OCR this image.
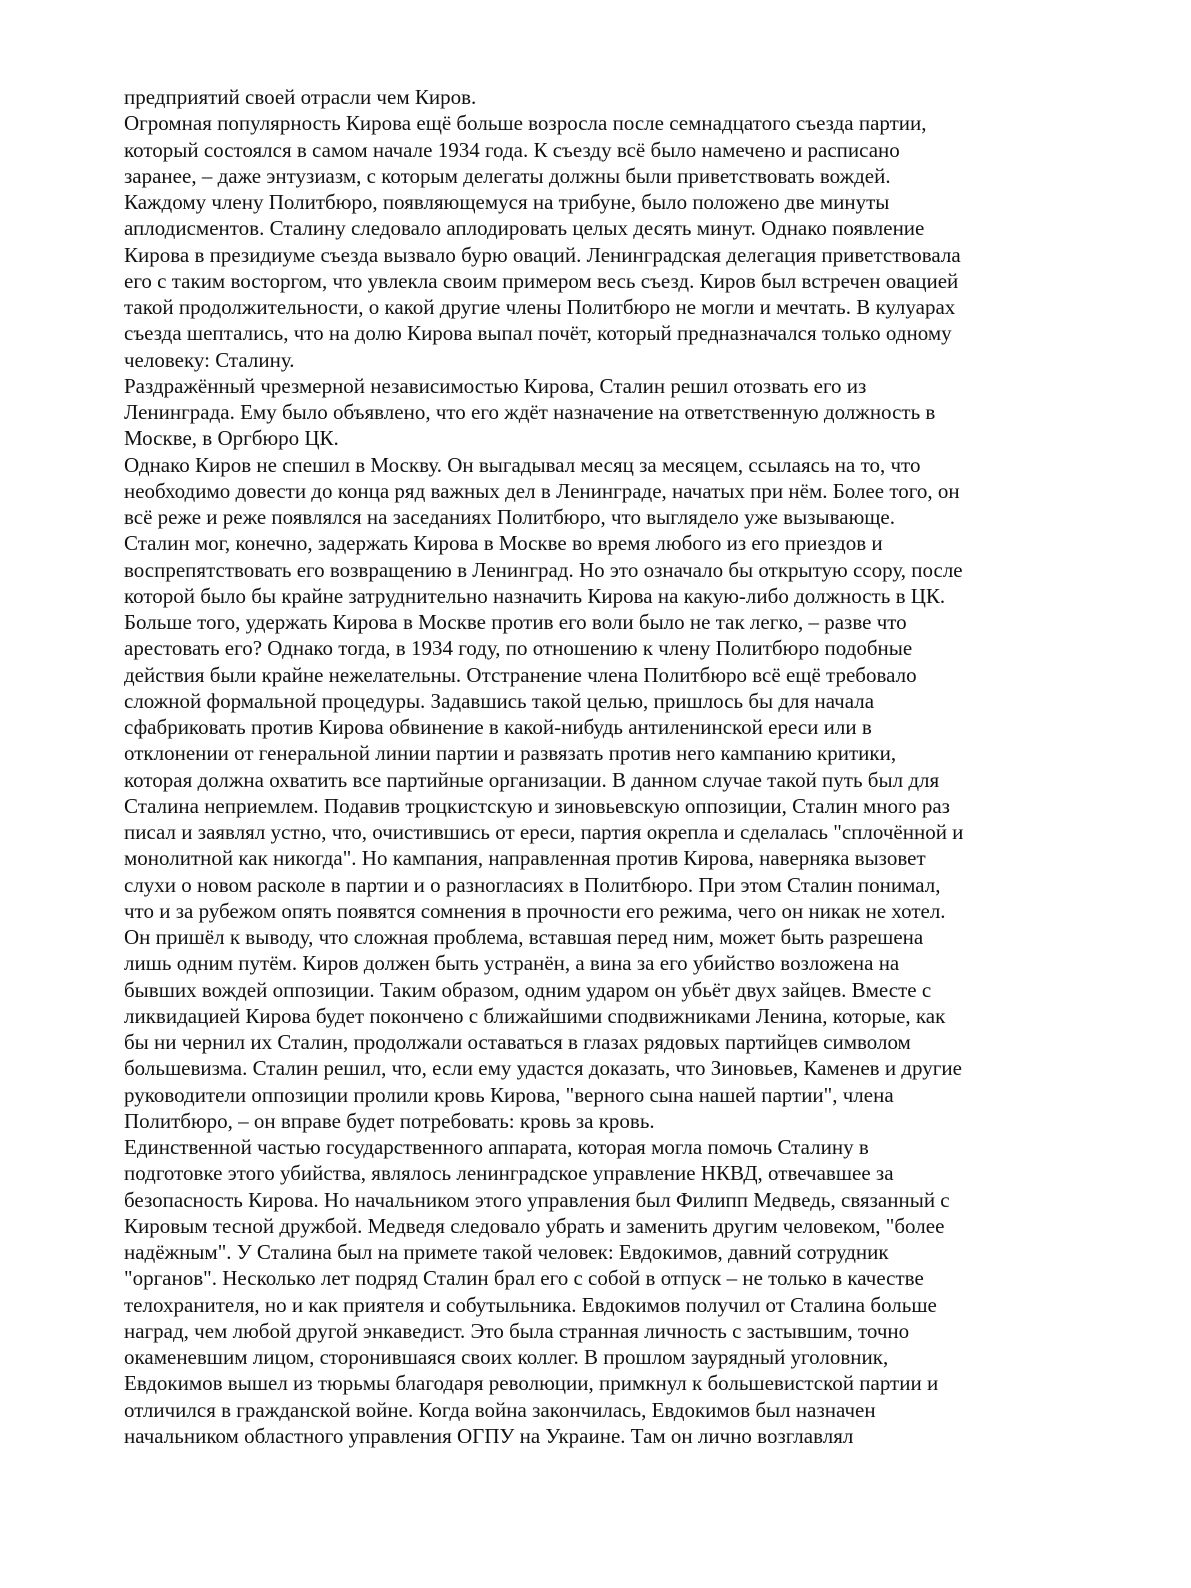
предприятий своей отрасли чем Киров.
Огромная популярность Кирова ещё больше возросла после семнадцатого съезда партии,
который состоялся в самом начале 1934 года. К съезду всё было намечено и расписано
заранее, – даже энтузиазм, с которым делегаты должны были приветствовать вождей.
Каждому члену Политбюро, появляющемуся на трибуне, было положено две минуты
аплодисментов. Сталину следовало аплодировать целых десять минут. Однако появление
Кирова в президиуме съезда вызвало бурю оваций. Ленинградская делегация приветствовала
его с таким восторгом, что увлекла своим примером весь съезд. Киров был встречен овацией
такой продолжительности, о какой другие члены Политбюро не могли и мечтать. В кулуарах
съезда шептались, что на долю Кирова выпал почёт, который предназначался только одному
человеку: Сталину.
Раздражённый чрезмерной независимостью Кирова, Сталин решил отозвать его из
Ленинграда. Ему было объявлено, что его ждёт назначение на ответственную должность в
Москве, в Оргбюро ЦК.
Однако Киров не спешил в Москву. Он выгадывал месяц за месяцем, ссылаясь на то, что
необходимо довести до конца ряд важных дел в Ленинграде, начатых при нём. Более того, он
всё реже и реже появлялся на заседаниях Политбюро, что выглядело уже вызывающе.
Сталин мог, конечно, задержать Кирова в Москве во время любого из его приездов и
воспрепятствовать его возвращению в Ленинград. Но это означало бы открытую ссору, после
которой было бы крайне затруднительно назначить Кирова на какую-либо должность в ЦК.
Больше того, удержать Кирова в Москве против его воли было не так легко, – разве что
арестовать его? Однако тогда, в 1934 году, по отношению к члену Политбюро подобные
действия были крайне нежелательны. Отстранение члена Политбюро всё ещё требовало
сложной формальной процедуры. Задавшись такой целью, пришлось бы для начала
сфабриковать против Кирова обвинение в какой-нибудь антиленинской ереси или в
отклонении от генеральной линии партии и развязать против него кампанию критики,
которая должна охватить все партийные организации. В данном случае такой путь был для
Сталина неприемлем. Подавив троцкистскую и зиновьевскую оппозиции, Сталин много раз
писал и заявлял устно, что, очистившись от ереси, партия окрепла и сделалась "сплочённой и
монолитной как никогда". Но кампания, направленная против Кирова, наверняка вызовет
слухи о новом расколе в партии и о разногласиях в Политбюро. При этом Сталин понимал,
что и за рубежом опять появятся сомнения в прочности его режима, чего он никак не хотел.
Он пришёл к выводу, что сложная проблема, вставшая перед ним, может быть разрешена
лишь одним путём. Киров должен быть устранён, а вина за его убийство возложена на
бывших вождей оппозиции. Таким образом, одним ударом он убьёт двух зайцев. Вместе с
ликвидацией Кирова будет покончено с ближайшими сподвижниками Ленина, которые, как
бы ни чернил их Сталин, продолжали оставаться в глазах рядовых партийцев символом
большевизма. Сталин решил, что, если ему удастся доказать, что Зиновьев, Каменев и другие
руководители оппозиции пролили кровь Кирова, "верного сына нашей партии", члена
Политбюро, – он вправе будет потребовать: кровь за кровь.
Единственной частью государственного аппарата, которая могла помочь Сталину в
подготовке этого убийства, являлось ленинградское управление НКВД, отвечавшее за
безопасность Кирова. Но начальником этого управления был Филипп Медведь, связанный с
Кировым тесной дружбой. Медведя следовало убрать и заменить другим человеком, "более
надёжным". У Сталина был на примете такой человек: Евдокимов, давний сотрудник
"органов". Несколько лет подряд Сталин брал его с собой в отпуск – не только в качестве
телохранителя, но и как приятеля и собутыльника. Евдокимов получил от Сталина больше
наград, чем любой другой энкаведист. Это была странная личность с застывшим, точно
окаменевшим лицом, сторонившаяся своих коллег. В прошлом заурядный уголовник,
Евдокимов вышел из тюрьмы благодаря революции, примкнул к большевистской партии и
отличился в гражданской войне. Когда война закончилась, Евдокимов был назначен
начальником областного управления ОГПУ на Украине. Там он лично возглавлял
